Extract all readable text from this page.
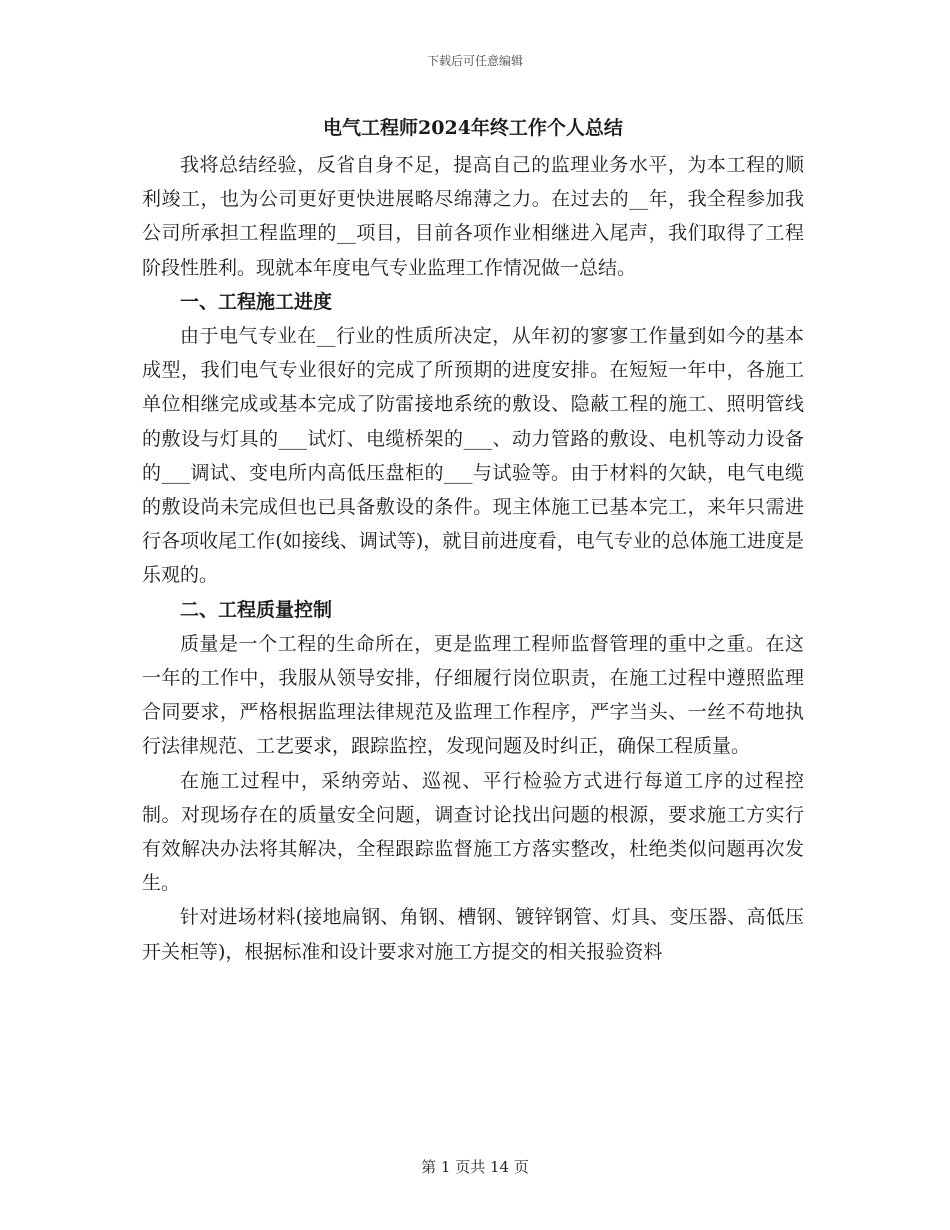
下载后可任意编辑
电气工程师2024年终工作个人总结

我将总结经验，反省自身不足，提高自己的监理业务水平，为本工程的顺利竣工，也为公司更好更快进展略尽绵薄之力。在过去的__年，我全程参加我公司所承担工程监理的__项目，目前各项作业相继进入尾声，我们取得了工程阶段性胜利。现就本年度电气专业监理工作情况做一总结。

一、工程施工进度

由于电气专业在__行业的性质所决定，从年初的寥寥工作量到如今的基本成型，我们电气专业很好的完成了所预期的进度安排。在短短一年中，各施工单位相继完成或基本完成了防雷接地系统的敷设、隐蔽工程的施工、照明管线的敷设与灯具的___试灯、电缆桥架的___、动力管路的敷设、电机等动力设备的___调试、变电所内高低压盘柜的___与试验等。由于材料的欠缺，电气电缆的敷设尚未完成但也已具备敷设的条件。现主体施工已基本完工，来年只需进行各项收尾工作(如接线、调试等)，就目前进度看，电气专业的总体施工进度是乐观的。

二、工程质量控制

质量是一个工程的生命所在，更是监理工程师监督管理的重中之重。在这一年的工作中，我服从领导安排，仔细履行岗位职责，在施工过程中遵照监理合同要求，严格根据监理法律规范及监理工作程序，严字当头、一丝不苟地执行法律规范、工艺要求，跟踪监控，发现问题及时纠正，确保工程质量。

在施工过程中，采纳旁站、巡视、平行检验方式进行每道工序的过程控制。对现场存在的质量安全问题，调查讨论找出问题的根源，要求施工方实行有效解决办法将其解决，全程跟踪监督施工方落实整改，杜绝类似问题再次发生。

针对进场材料(接地扁钢、角钢、槽钢、镀锌钢管、灯具、变压器、高低压开关柜等)，根据标准和设计要求对施工方提交的相关报验资料

第 1 页共 14 页
